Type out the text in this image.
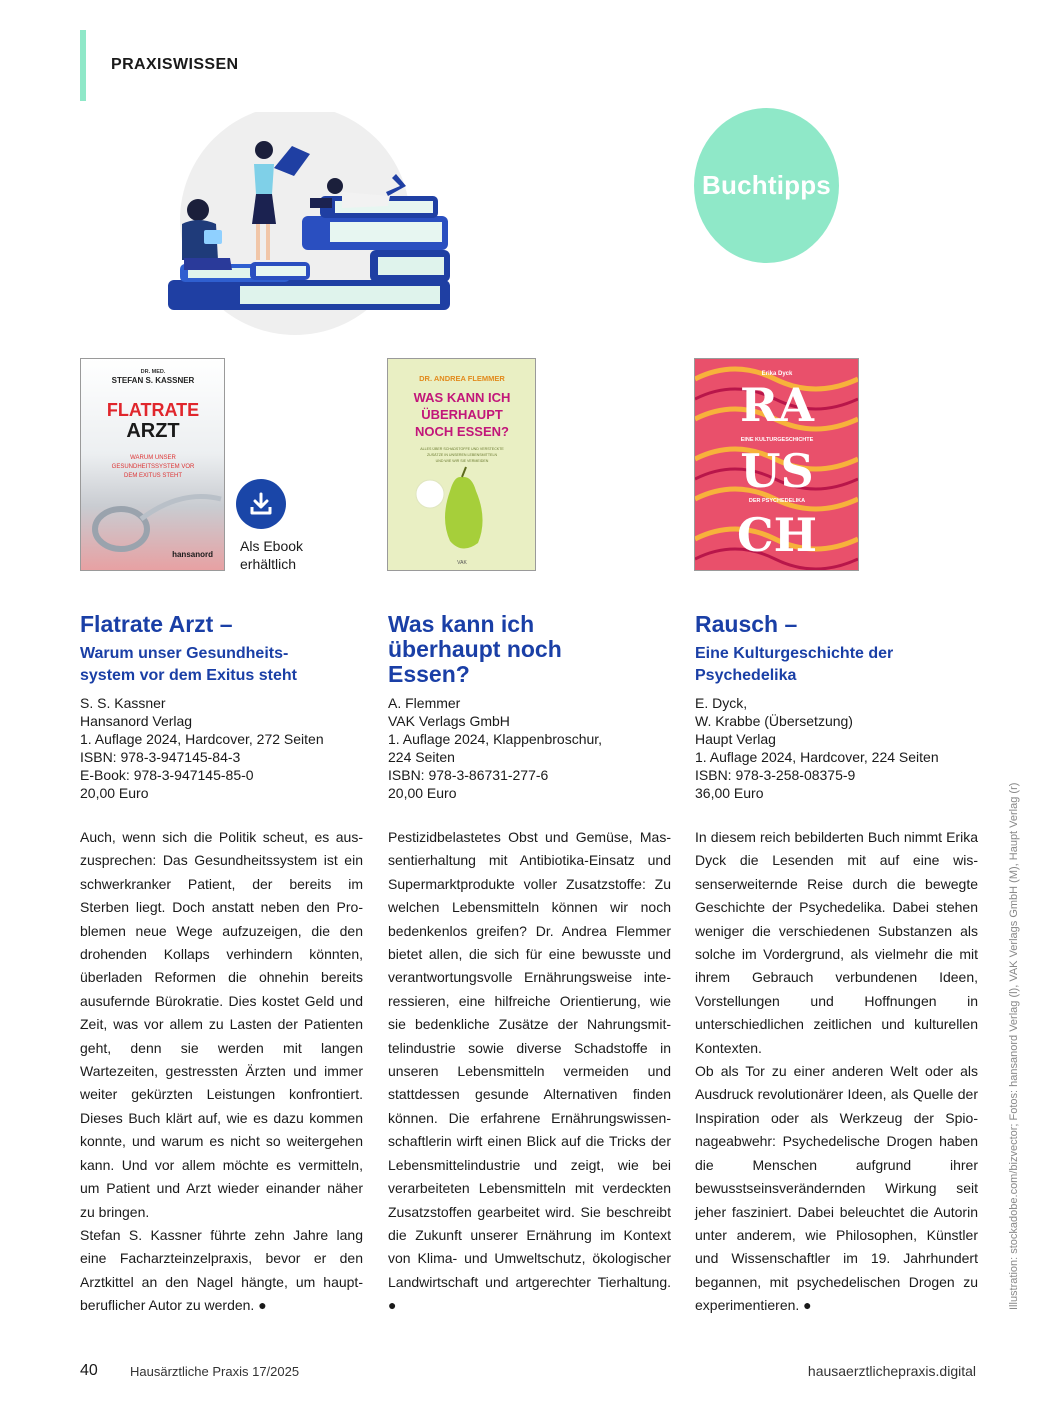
PRAXISWISSEN
Buchtipps
DR. MED.
STEFAN S. KASSNER
FLATRATE
ARZT
WARUM UNSER
GESUNDHEITSSYSTEM VOR
DEM EXITUS STEHT
hansanord
Als Ebook
erhältlich
DR. ANDREA FLEMMER
WAS KANN ICH
ÜBERHAUPT
NOCH ESSEN?
ALLES ÜBER SCHADSTOFFE UND VERSTECKTE
ZUSÄTZE IN UNSEREN LEBENSMITTELN
UND WIE WIR SIE VERMEIDEN
VAK
Erika Dyck
RA
EINE KULTURGESCHICHTE
US
DER PSYCHEDELIKA
CH
Flatrate Arzt –
Warum unser Gesundheits-
system vor dem Exitus steht
S. S. Kassner
Hansanord Verlag
1. Auflage 2024, Hardcover, 272 Seiten
ISBN: 978-3-947145-84-3
E-Book: 978-3-947145-85-0
20,00 Euro

Auch, wenn sich die Politik scheut, es auszusprechen: Das Gesundheitssystem ist ein schwerkranker Patient, der bereits im Sterben liegt. Doch anstatt neben den Problemen neue Wege aufzuzeigen, die den drohenden Kollaps verhindern könnten, überladen Reformen die ohnehin bereits ausufernde Bürokratie. Dies kostet Geld und Zeit, was vor allem zu Lasten der Patienten geht, denn sie werden mit langen Wartezeiten, gestressten Ärzten und immer weiter gekürzten Leistungen konfrontiert. Dieses Buch klärt auf, wie es dazu kommen konnte, und warum es nicht so weitergehen kann. Und vor allem möchte es vermitteln, um Patient und Arzt wieder einander näher zu bringen.

Stefan S. Kassner führte zehn Jahre lang eine Facharzteinzelpraxis, bevor er den Arztkittel an den Nagel hängte, um hauptberuflicher Autor zu werden. ●

Was kann ich
überhaupt noch
Essen?
A. Flemmer
VAK Verlags GmbH
1. Auflage 2024, Klappenbroschur,
224 Seiten
ISBN: 978-3-86731-277-6
20,00 Euro

Pestizidbelastetes Obst und Gemüse, Massentierhaltung mit Antibiotika-Einsatz und Supermarktprodukte voller Zusatzstoffe: Zu welchen Lebensmitteln können wir noch bedenkenlos greifen? Dr. Andrea Flemmer bietet allen, die sich für eine bewusste und verantwortungsvolle Ernährungsweise interessieren, eine hilfreiche Orientierung, wie sie bedenkliche Zusätze der Nahrungsmittelindustrie sowie diverse Schadstoffe in unseren Lebensmitteln vermeiden und stattdessen gesunde Alternativen finden können. Die erfahrene Ernährungswissenschaftlerin wirft einen Blick auf die Tricks der Lebensmittelindustrie und zeigt, wie bei verarbeiteten Lebensmitteln mit verdeckten Zusatzstoffen gearbeitet wird. Sie beschreibt die Zukunft unserer Ernährung im Kontext von Klima- und Umweltschutz, ökologischer Landwirtschaft und artgerechter Tierhaltung. ●

Rausch –
Eine Kulturgeschichte der
Psychedelika
E. Dyck,
W. Krabbe (Übersetzung)
Haupt Verlag
1. Auflage 2024, Hardcover, 224 Seiten
ISBN: 978-3-258-08375-9
36,00 Euro

In diesem reich bebilderten Buch nimmt Erika Dyck die Lesenden mit auf eine wissenserweiternde Reise durch die bewegte Geschichte der Psychedelika. Dabei stehen weniger die verschiedenen Substanzen als solche im Vordergrund, als vielmehr die mit ihrem Gebrauch verbundenen Ideen, Vorstellungen und Hoffnungen in unterschiedlichen zeitlichen und kulturellen Kontexten.

Ob als Tor zu einer anderen Welt oder als Ausdruck revolutionärer Ideen, als Quelle der Inspiration oder als Werkzeug der Spionageabwehr: Psychedelische Drogen haben die Menschen aufgrund ihrer bewusstseinsverändernden Wirkung seit jeher fasziniert. Dabei beleuchtet die Autorin unter anderem, wie Philosophen, Künstler und Wissenschaftler im 19. Jahrhundert begannen, mit psychedelischen Drogen zu experimentieren. ●	Illustration: stockadobe.com/bizvector; Fotos: hansanord Verlag (l), VAK Verlags GmbH (M), Haupt Verlag (r)
40 Hausärztliche Praxis 17/2025	hausaerztlichepraxis.digital
